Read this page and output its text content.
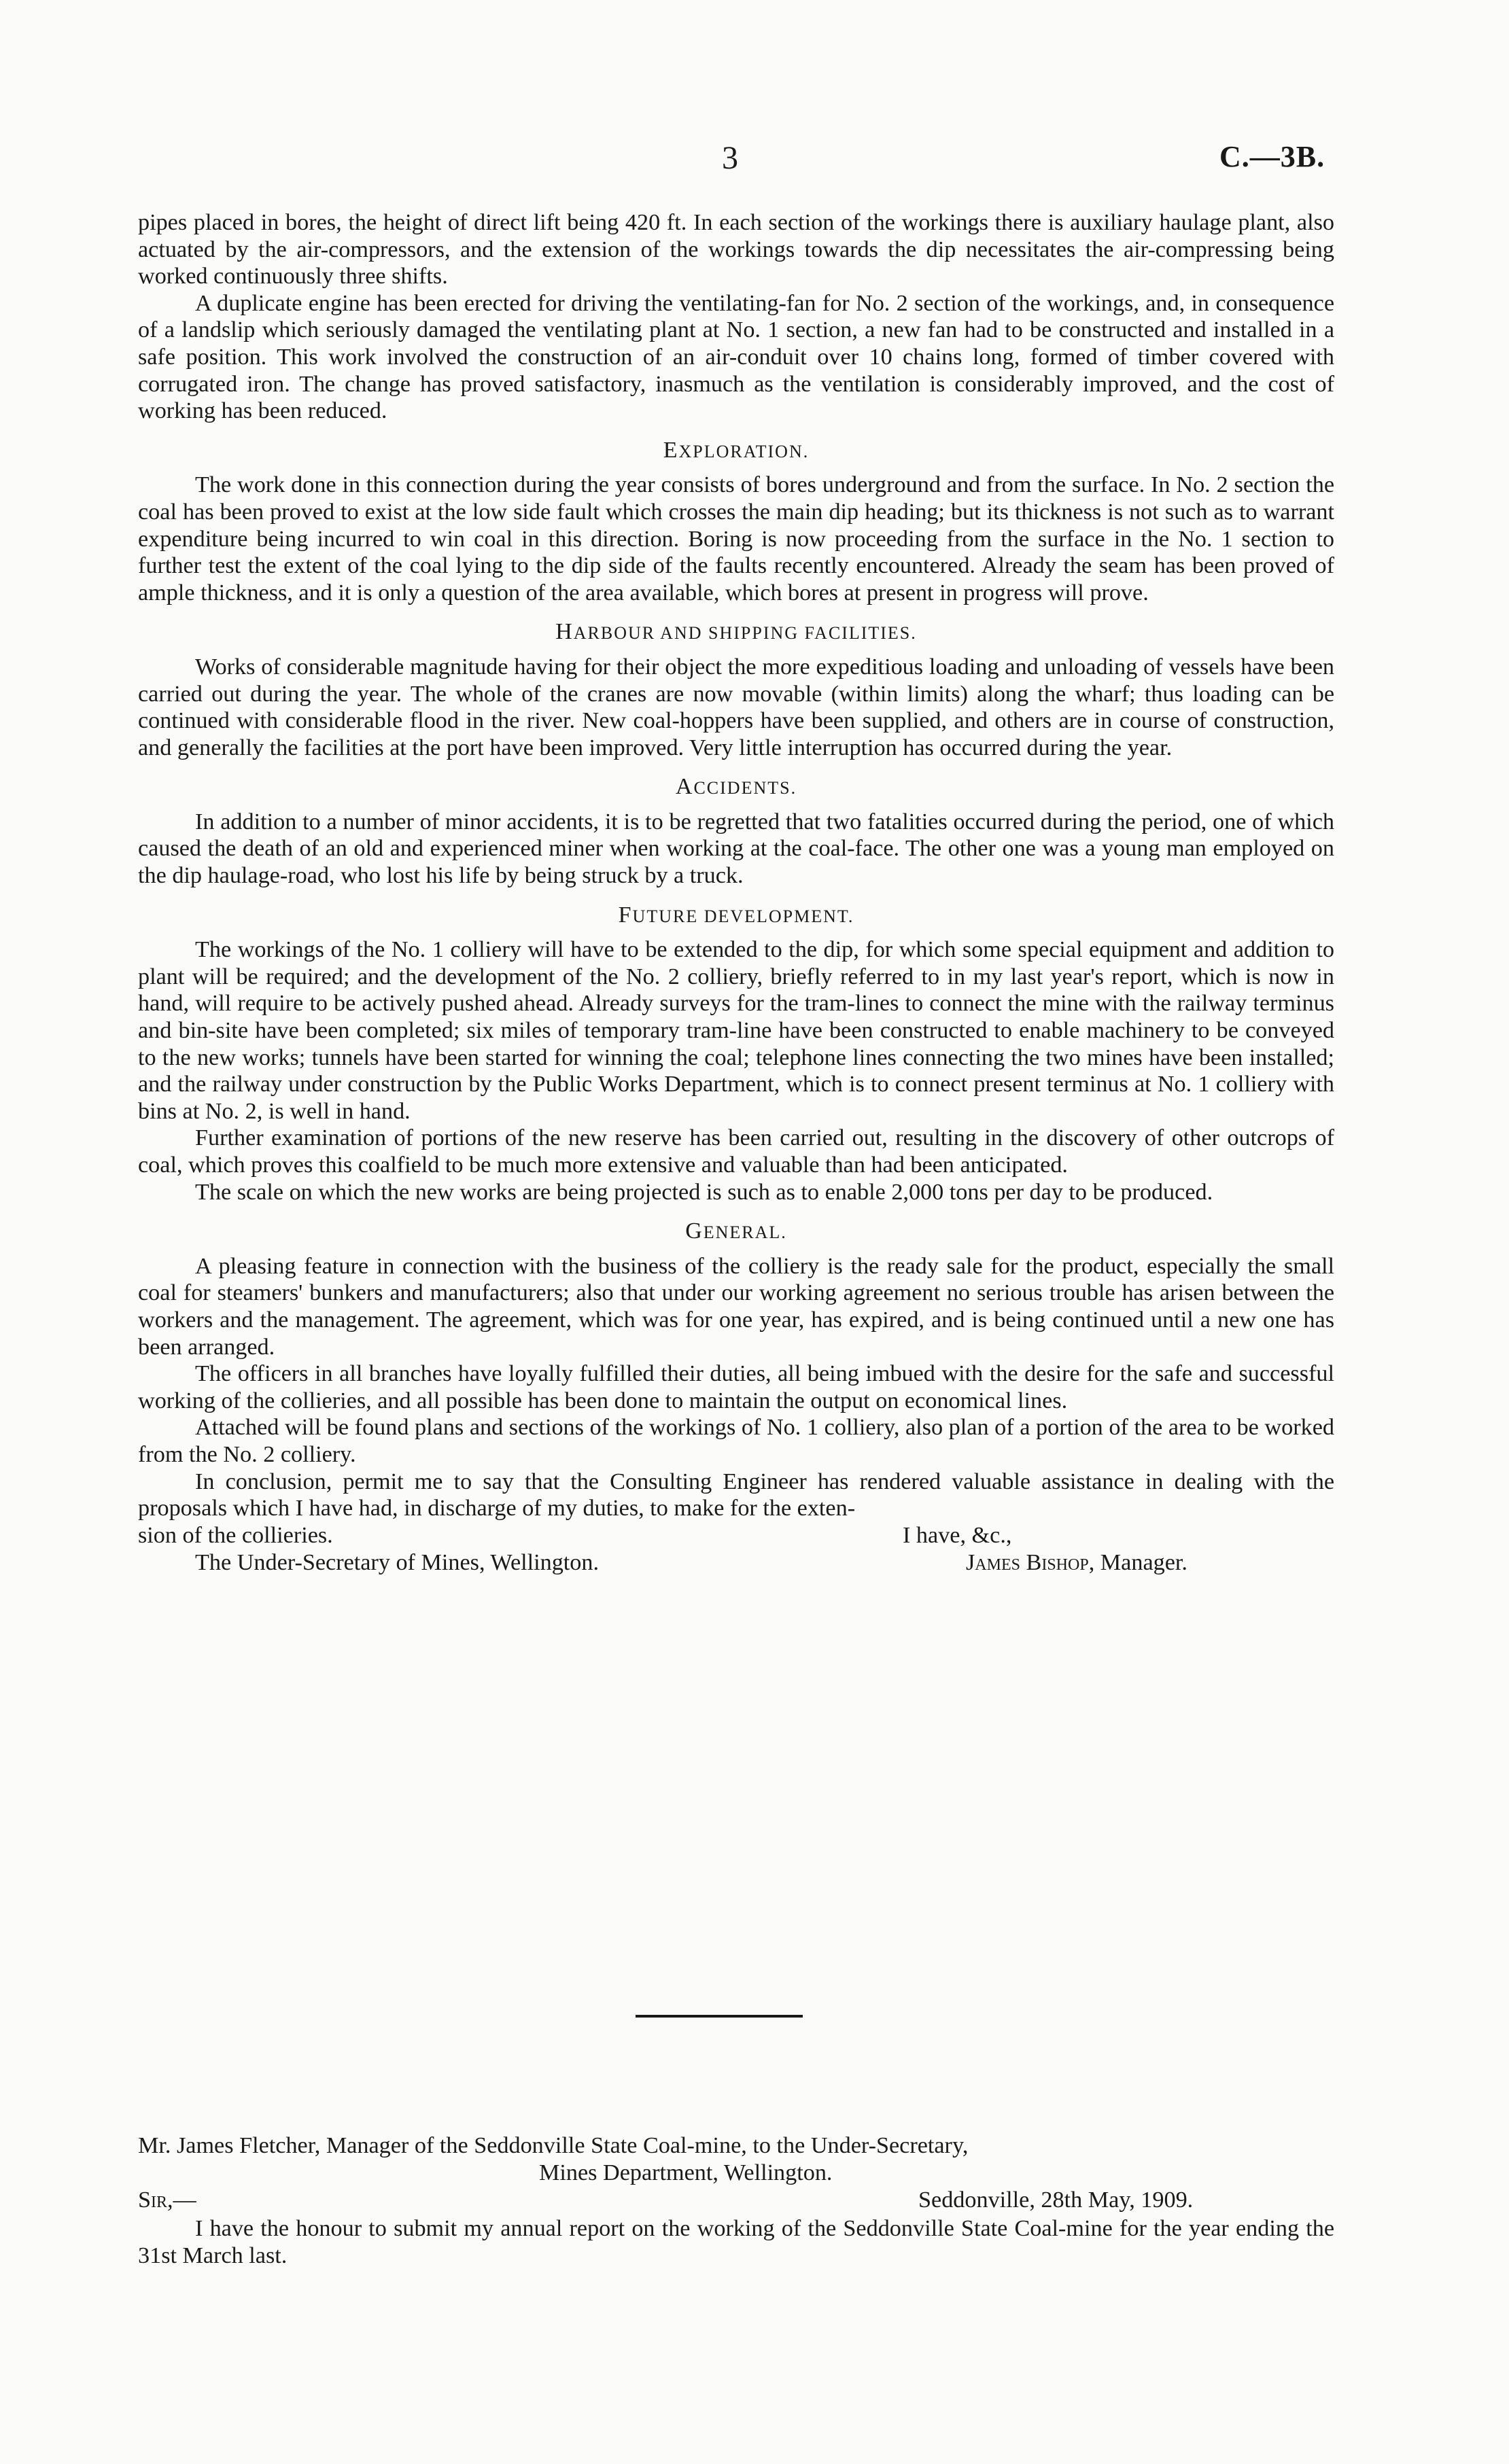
3	C.—3B.

pipes placed in bores, the height of direct lift being 420 ft. In each section of the workings there is auxiliary haulage plant, also actuated by the air-compressors, and the extension of the workings towards the dip necessitates the air-compressing being worked continuously three shifts.

A duplicate engine has been erected for driving the ventilating-fan for No. 2 section of the workings, and, in consequence of a landslip which seriously damaged the ventilating plant at No. 1 section, a new fan had to be constructed and installed in a safe position. This work involved the construction of an air-conduit over 10 chains long, formed of timber covered with corrugated iron. The change has proved satisfactory, inasmuch as the ventilation is considerably improved, and the cost of working has been reduced.

EXPLORATION.

The work done in this connection during the year consists of bores underground and from the surface. In No. 2 section the coal has been proved to exist at the low side fault which crosses the main dip heading; but its thickness is not such as to warrant expenditure being incurred to win coal in this direction. Boring is now proceeding from the surface in the No. 1 section to further test the extent of the coal lying to the dip side of the faults recently encountered. Already the seam has been proved of ample thickness, and it is only a question of the area available, which bores at present in progress will prove.

HARBOUR AND SHIPPING FACILITIES.

Works of considerable magnitude having for their object the more expeditious loading and unloading of vessels have been carried out during the year. The whole of the cranes are now movable (within limits) along the wharf; thus loading can be continued with considerable flood in the river. New coal-hoppers have been supplied, and others are in course of construction, and generally the facilities at the port have been improved. Very little interruption has occurred during the year.

ACCIDENTS.

In addition to a number of minor accidents, it is to be regretted that two fatalities occurred during the period, one of which caused the death of an old and experienced miner when working at the coal-face. The other one was a young man employed on the dip haulage-road, who lost his life by being struck by a truck.

FUTURE DEVELOPMENT.

The workings of the No. 1 colliery will have to be extended to the dip, for which some special equipment and addition to plant will be required; and the development of the No. 2 colliery, briefly referred to in my last year's report, which is now in hand, will require to be actively pushed ahead. Already surveys for the tram-lines to connect the mine with the railway terminus and bin-site have been completed; six miles of temporary tram-line have been constructed to enable machinery to be conveyed to the new works; tunnels have been started for winning the coal; telephone lines connecting the two mines have been installed; and the railway under construction by the Public Works Department, which is to connect present terminus at No. 1 colliery with bins at No. 2, is well in hand.

Further examination of portions of the new reserve has been carried out, resulting in the discovery of other outcrops of coal, which proves this coalfield to be much more extensive and valuable than had been anticipated.

The scale on which the new works are being projected is such as to enable 2,000 tons per day to be produced.

GENERAL.

A pleasing feature in connection with the business of the colliery is the ready sale for the product, especially the small coal for steamers' bunkers and manufacturers; also that under our working agreement no serious trouble has arisen between the workers and the management. The agreement, which was for one year, has expired, and is being continued until a new one has been arranged.

The officers in all branches have loyally fulfilled their duties, all being imbued with the desire for the safe and successful working of the collieries, and all possible has been done to maintain the output on economical lines.

Attached will be found plans and sections of the workings of No. 1 colliery, also plan of a portion of the area to be worked from the No. 2 colliery.

In conclusion, permit me to say that the Consulting Engineer has rendered valuable assistance in dealing with the proposals which I have had, in discharge of my duties, to make for the exten-

sion of the collieries.	I have, &c.,
The Under-Secretary of Mines, Wellington.	James Bishop, Manager.

Mr. James Fletcher, Manager of the Seddonville State Coal-mine, to the Under-Secretary,

Mines Department, Wellington.

Sir,—	Seddonville, 28th May, 1909.

I have the honour to submit my annual report on the working of the Seddonville State Coal-mine for the year ending the 31st March last.
